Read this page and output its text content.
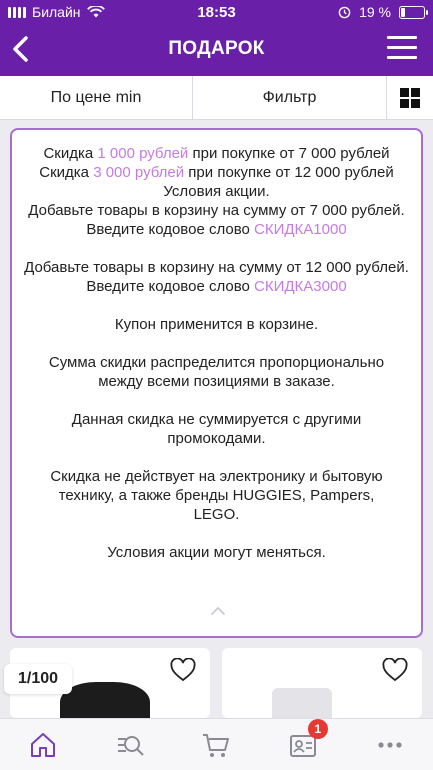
Билайн	18:53	19 %
ПОДАРОК
По цене min	Фильтр

Скидка 1 000 рублей при покупке от 7 000 рублей

Скидка 3 000 рублей при покупке от 12 000 рублей

Условия акции.

Добавьте товары в корзину на сумму от 7 000 рублей. Введите кодовое слово СКИДКА1000

Добавьте товары в корзину на сумму от 12 000 рублей. Введите кодовое слово СКИДКА3000

Купон применится в корзине.

Сумма скидки распределится пропорционально между всеми позициями в заказе.

Данная скидка не суммируется с другими промокодами.

Скидка не действует на электронику и бытовую технику, а также бренды HUGGIES, Pampers, LEGO.

Условия акции могут меняться.

1/100
1
